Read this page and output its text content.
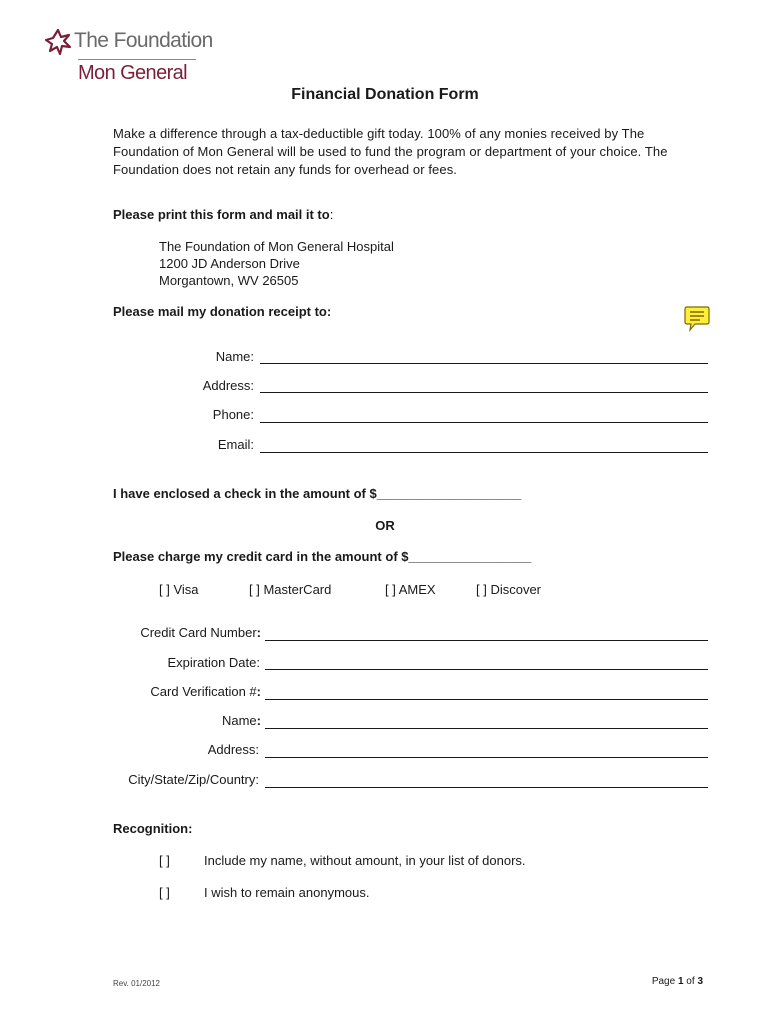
The Foundation
Mon General
Financial Donation Form
Make a difference through a tax-deductible gift today. 100% of any monies received by The Foundation of Mon General will be used to fund the program or department of your choice. The Foundation does not retain any funds for overhead or fees.
Please print this form and mail it to:
The Foundation of Mon General Hospital
1200 JD Anderson Drive
Morgantown, WV 26505
Please mail my donation receipt to:
Name:
Address:
Phone:
Email:
I have enclosed a check in the amount of $____________________
OR
Please charge my credit card in the amount of $_________________
[ ] Visa	[ ] MasterCard	[ ] AMEX	[ ] Discover
Credit Card Number:
Expiration Date:
Card Verification #:
Name:
Address:
City/State/Zip/Country:
Recognition:
[ ]	Include my name, without amount, in your list of donors.
[ ]	I wish to remain anonymous.
Rev. 01/2012	Page 1 of 3
